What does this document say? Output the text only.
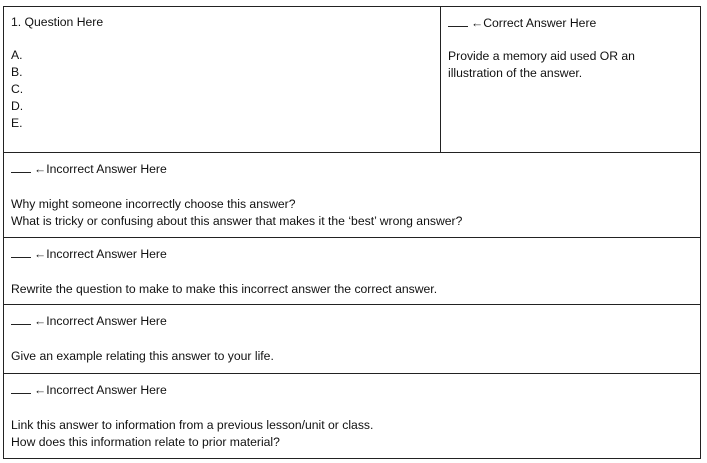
1. Question Here
A.
B.
C.
D.
E.
←Correct Answer Here
Provide a memory aid used OR an
illustration of the answer.
←Incorrect Answer Here
Why might someone incorrectly choose this answer?
What is tricky or confusing about this answer that makes it the ‘best’ wrong answer?
←Incorrect Answer Here
Rewrite the question to make to make this incorrect answer the correct answer.
←Incorrect Answer Here
Give an example relating this answer to your life.
←Incorrect Answer Here
Link this answer to information from a previous lesson/unit or class.
How does this information relate to prior material?
